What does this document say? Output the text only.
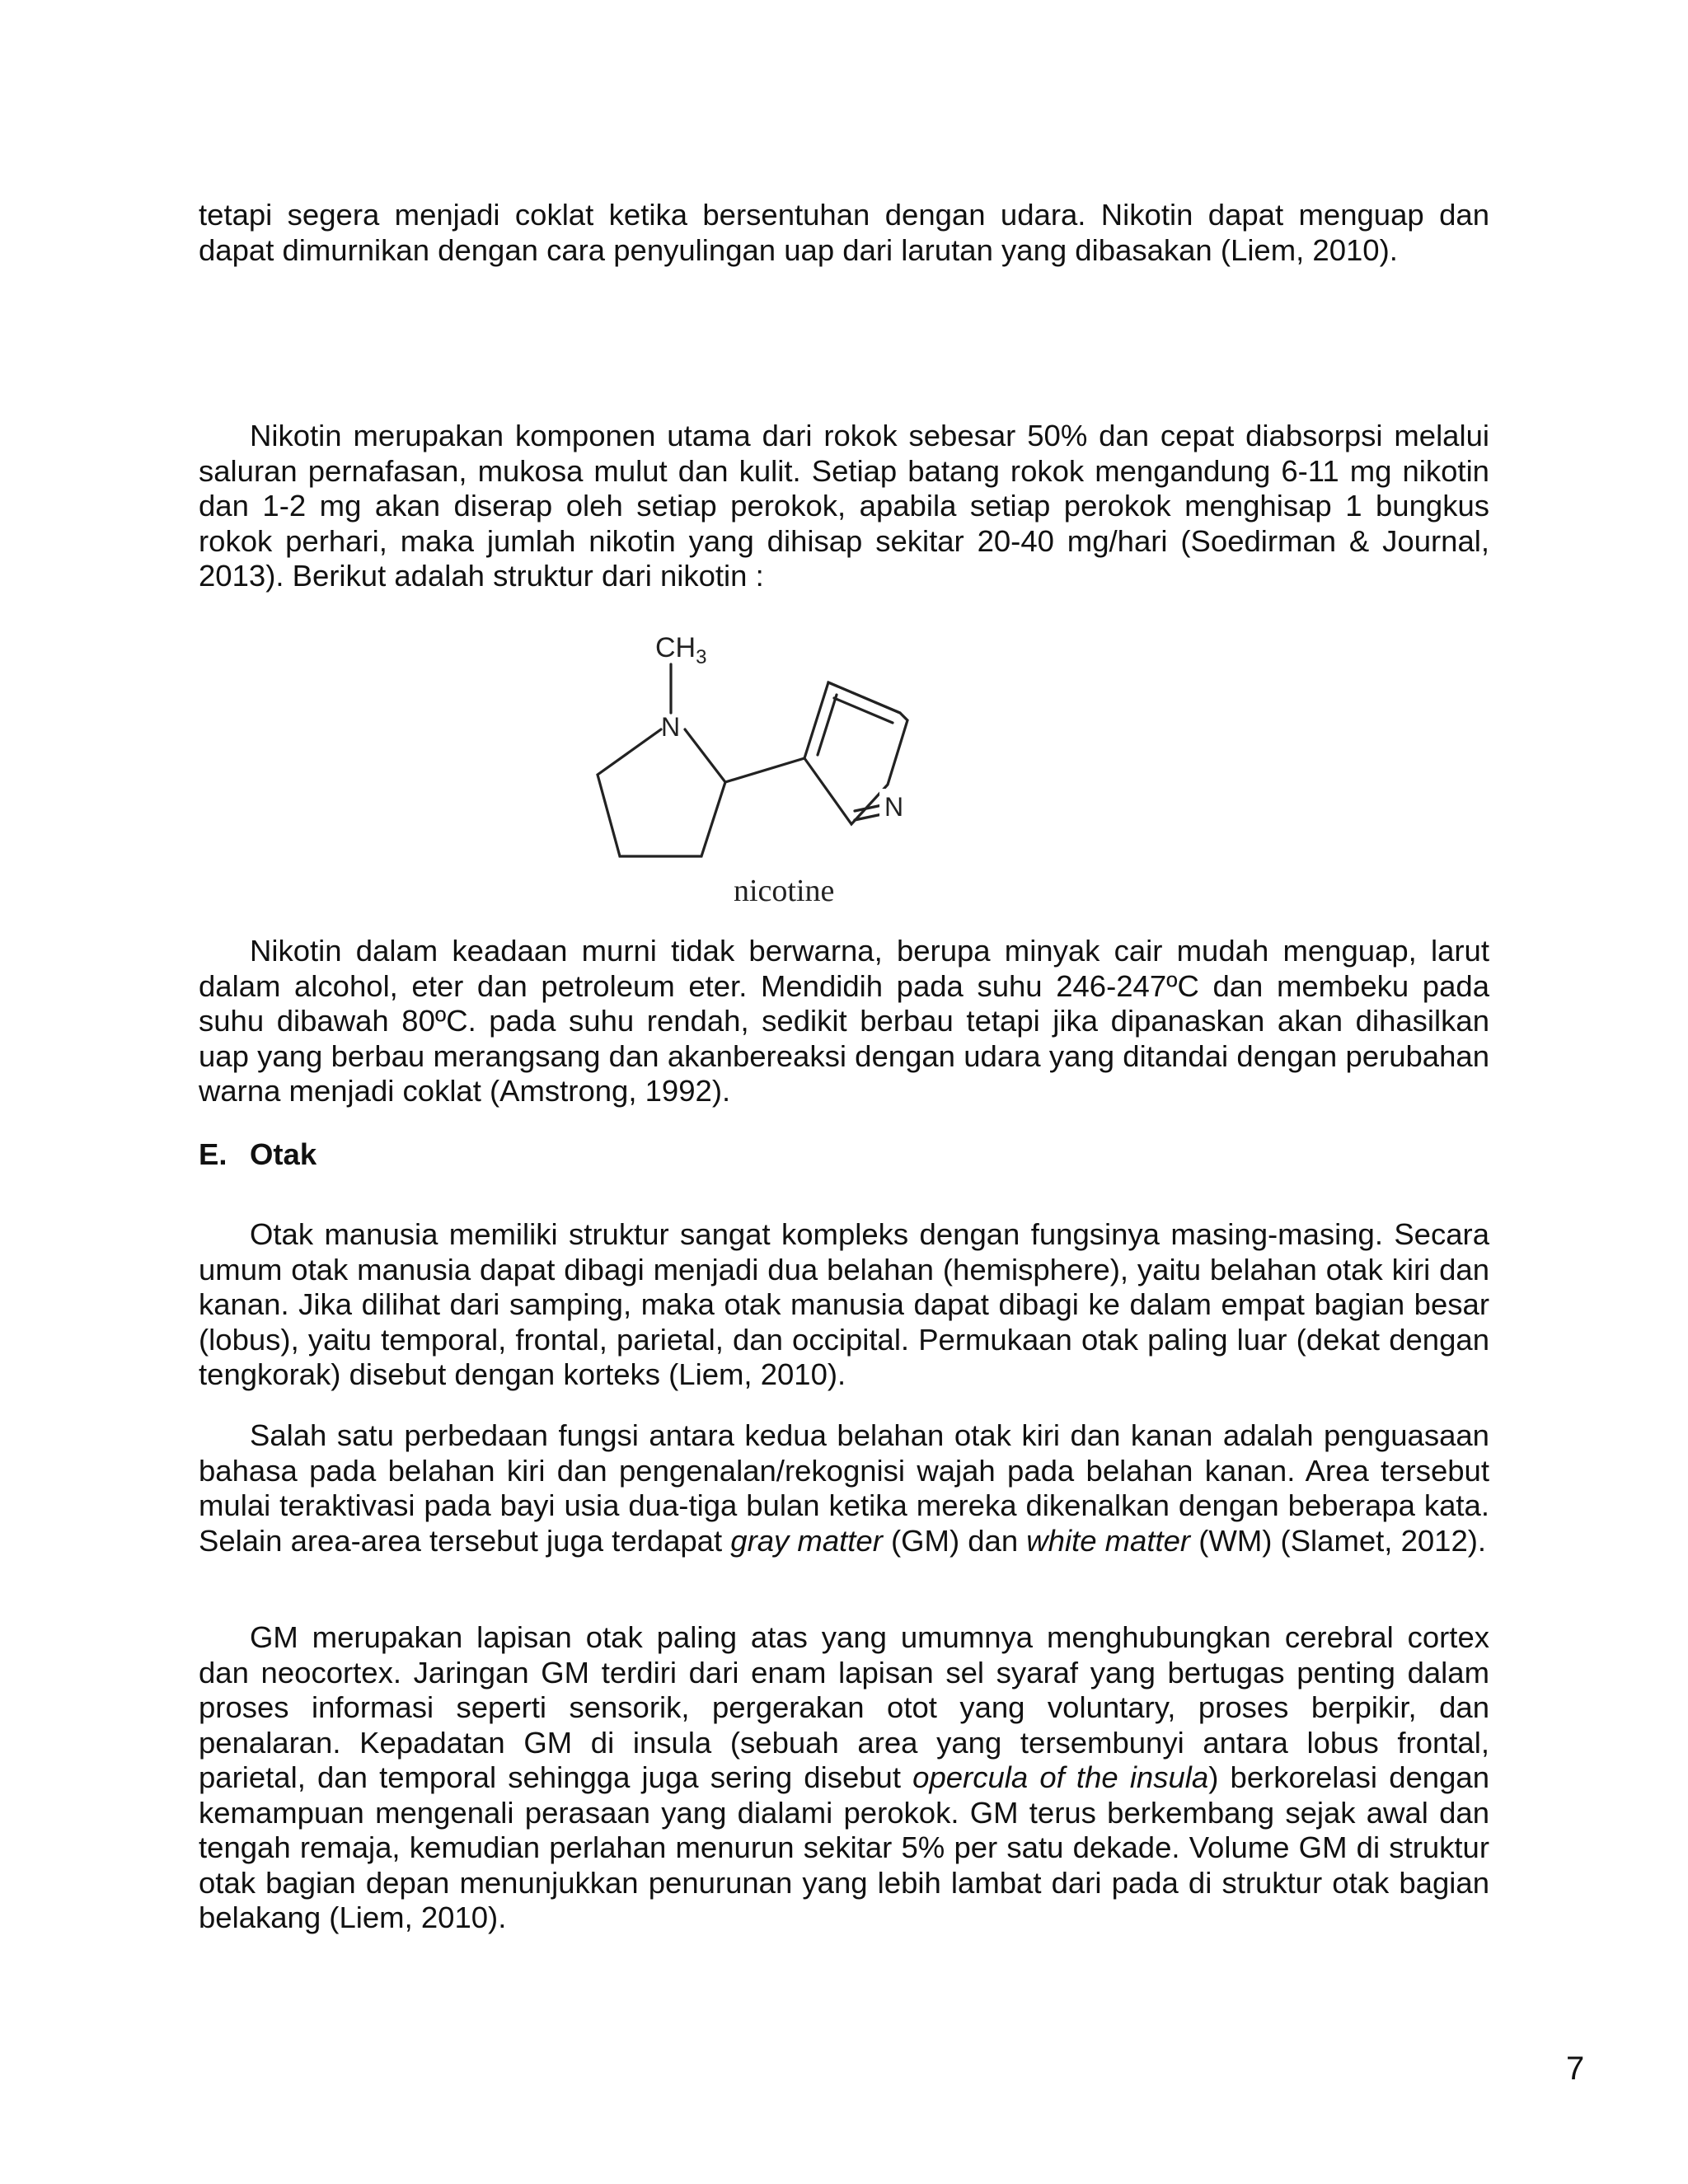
tetapi segera menjadi coklat ketika bersentuhan dengan udara. Nikotin dapat menguap dan dapat dimurnikan dengan cara penyulingan uap dari larutan yang dibasakan (Liem, 2010).

Nikotin merupakan komponen utama dari rokok sebesar 50% dan cepat diabsorpsi melalui saluran pernafasan, mukosa mulut dan kulit. Setiap batang rokok mengandung 6-11 mg nikotin dan 1-2 mg akan diserap oleh setiap perokok, apabila setiap perokok menghisap 1 bungkus rokok perhari, maka jumlah nikotin yang dihisap sekitar 20-40 mg/hari (Soedirman & Journal, 2013). Berikut adalah struktur dari nikotin :

$CH_3$
N
N
nicotine

Nikotin dalam keadaan murni tidak berwarna, berupa minyak cair mudah menguap, larut dalam alcohol, eter dan petroleum eter. Mendidih pada suhu 246-247ºC dan membeku pada suhu dibawah 80ºC. pada suhu rendah, sedikit berbau tetapi jika dipanaskan akan dihasilkan uap yang berbau merangsang dan akanbereaksi dengan udara yang ditandai dengan perubahan warna menjadi coklat (Amstrong, 1992).

E. Otak

Otak manusia memiliki struktur sangat kompleks dengan fungsinya masing-masing. Secara umum otak manusia dapat dibagi menjadi dua belahan (hemisphere), yaitu belahan otak kiri dan kanan. Jika dilihat dari samping, maka otak manusia dapat dibagi ke dalam empat bagian besar (lobus), yaitu temporal, frontal, parietal, dan occipital. Permukaan otak paling luar (dekat dengan tengkorak) disebut dengan korteks (Liem, 2010).

Salah satu perbedaan fungsi antara kedua belahan otak kiri dan kanan adalah penguasaan bahasa pada belahan kiri dan pengenalan/rekognisi wajah pada belahan kanan. Area tersebut mulai teraktivasi pada bayi usia dua-tiga bulan ketika mereka dikenalkan dengan beberapa kata. Selain area-area tersebut juga terdapat gray matter (GM) dan white matter (WM) (Slamet, 2012).

GM merupakan lapisan otak paling atas yang umumnya menghubungkan cerebral cortex dan neocortex. Jaringan GM terdiri dari enam lapisan sel syaraf yang bertugas penting dalam proses informasi seperti sensorik, pergerakan otot yang voluntary, proses berpikir, dan penalaran. Kepadatan GM di insula (sebuah area yang tersembunyi antara lobus frontal, parietal, dan temporal sehingga juga sering disebut opercula of the insula) berkorelasi dengan kemampuan mengenali perasaan yang dialami perokok. GM terus berkembang sejak awal dan tengah remaja, kemudian perlahan menurun sekitar 5% per satu dekade. Volume GM di struktur otak bagian depan menunjukkan penurunan yang lebih lambat dari pada di struktur otak bagian belakang (Liem, 2010).

7
